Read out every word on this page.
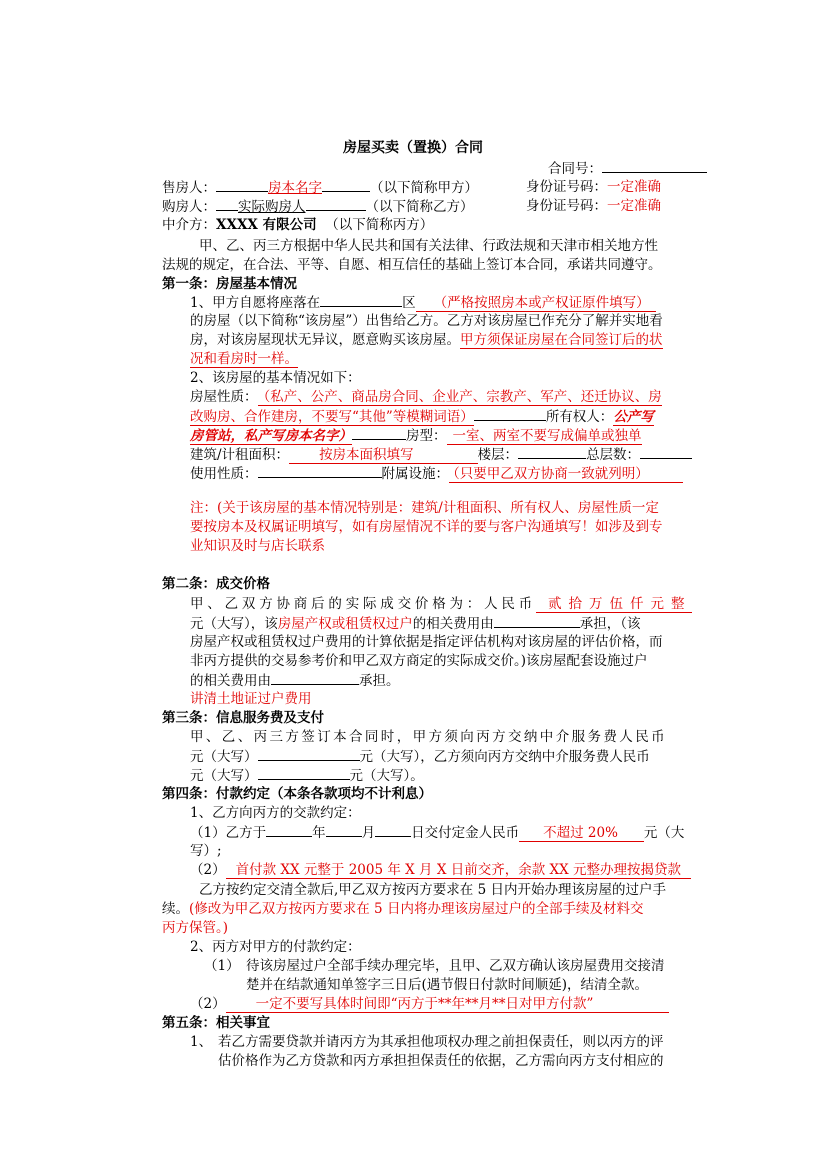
房屋买卖（置换）合同
合同号：
售房人：	房本名字	（以下简称甲方）	身份证号码：一定准确
购房人： 实际购房人	（以下简称乙方）	身份证号码：一定准确
中介方：XXXX 有限公司 （以下简称丙方）
甲、乙、丙三方根据中华人民共和国有关法律、行政法规和天津市相关地方性
法规的规定，在合法、平等、自愿、相互信任的基础上签订本合同，承诺共同遵守。
第一条：房屋基本情况
1、甲方自愿将座落在	区 （严格按照房本或产权证原件填写）
的房屋（以下简称“该房屋”）出售给乙方。乙方对该房屋已作充分了解并实地看
房，对该房屋现状无异议，愿意购买该房屋。甲方须保证房屋在合同签订后的状
况和看房时一样。
2、该房屋的基本情况如下：
房屋性质： （私产、公产、商品房合同、企业产、宗教产、军产、还迁协议、房
改购房、合作建房，不要写“其他”等模糊词语）	所有权人：公产写
房管站，私产写房本名字）	房型： 一室、两室不要写成偏单或独单
建筑/计租面积： 按房本面积填写	楼层：	总层数：
使用性质：	附属设施： （只要甲乙双方协商一致就列明）
注：(关于该房屋的基本情况特别是：建筑/计租面积、所有权人、房屋性质一定
要按房本及权属证明填写，如有房屋情况不详的要与客户沟通填写！如涉及到专
业知识及时与店长联系
第二条：成交价格
甲、乙双方协商后的实际成交价格为：人民币 贰拾万伍仟元整
元（大写），该房屋产权或租赁权过户的相关费用由	承担，（该
房屋产权或租赁权过户费用的计算依据是指定评估机构对该房屋的评估价格，而
非丙方提供的交易参考价和甲乙双方商定的实际成交价。)该房屋配套设施过户
的相关费用由	承担。
讲清土地证过户费用
第三条：信息服务费及支付
甲、乙、丙三方签订本合同时，甲方须向丙方交纳中介服务费人民币
元（大写）	元（大写），乙方须向丙方交纳中介服务费人民币
元（大写）	元（大写）。
第四条：付款约定（本条各款项均不计利息）
1、乙方向丙方的交款约定：
（1）乙方于	年	月	日交付定金人民币 不超过 20% 元（大
写）;
（2） 首付款 XX 元整于 2005 年 X 月 X 日前交齐，余款 XX 元整办理按揭贷款
乙方按约定交清全款后,甲乙双方按丙方要求在 5 日内开始办理该房屋的过户手
续。(修改为甲乙双方按丙方要求在 5 日内将办理该房屋过户的全部手续及材料交
丙方保管。)
2、丙方对甲方的付款约定：
（1） 待该房屋过户全部手续办理完毕，且甲、乙双方确认该房屋费用交接清
楚并在结款通知单签字三日后(遇节假日付款时间顺延)，结清全款。
（2） 一定不要写具体时间即“丙方于**年**月**日对甲方付款”
第五条：相关事宜
1、 若乙方需要贷款并请丙方为其承担他项权办理之前担保责任，则以丙方的评
估价格作为乙方贷款和丙方承担担保责任的依据，乙方需向丙方支付相应的
